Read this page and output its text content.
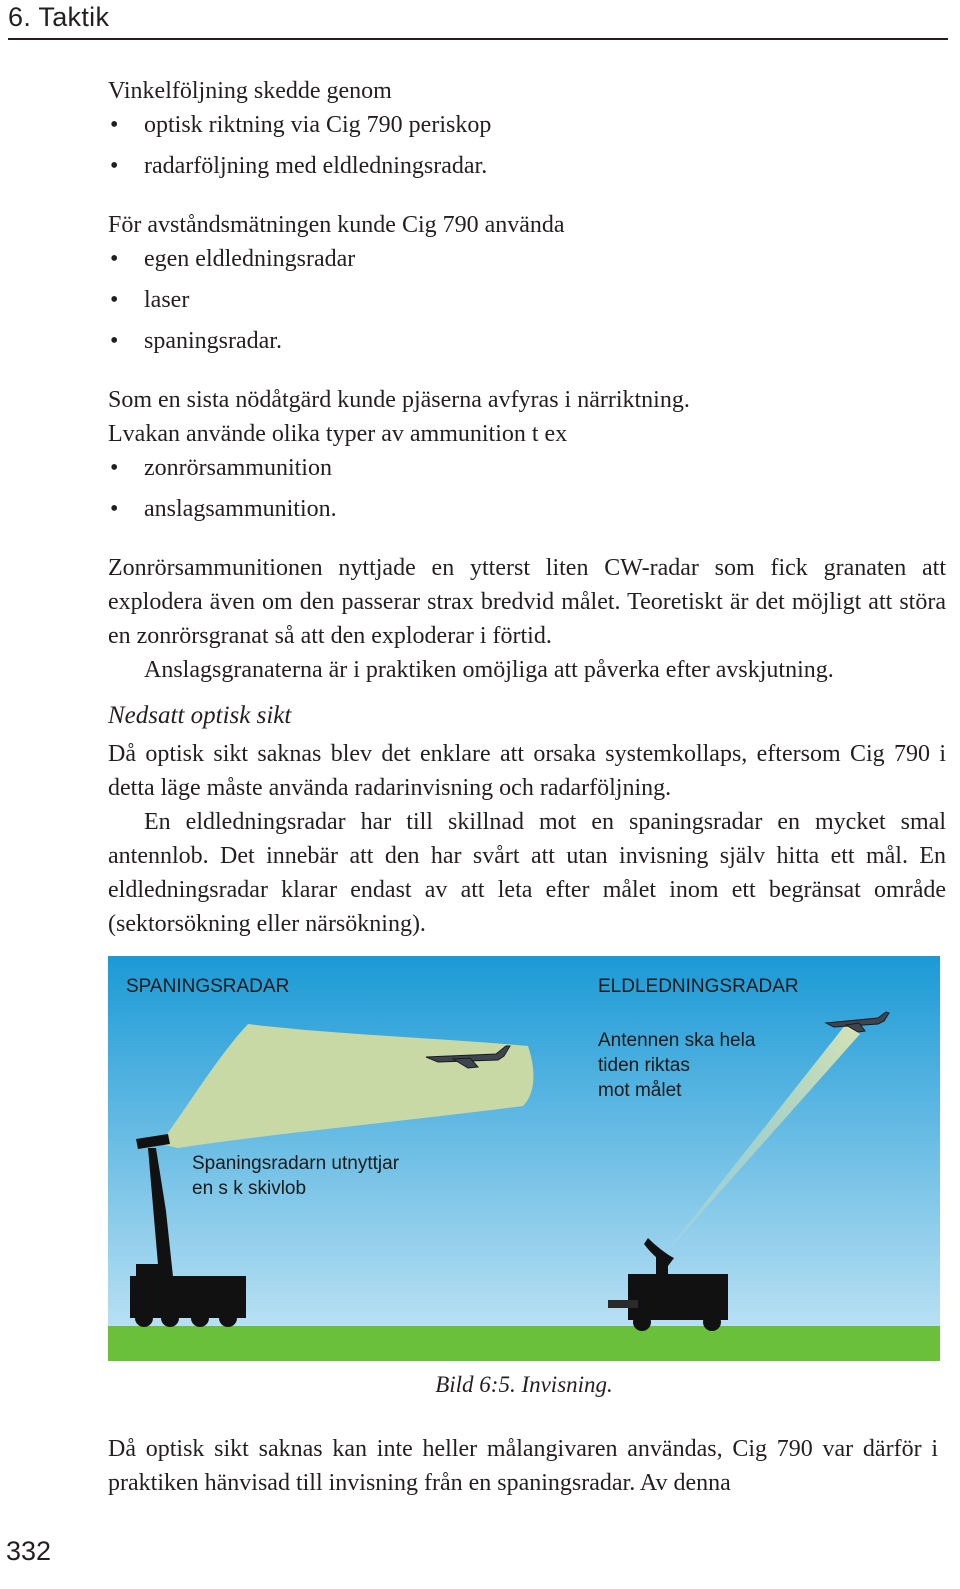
6. Taktik

Vinkelföljning skedde genom

• optisk riktning via Cig 790 periskop
• radarföljning med eldledningsradar.

För avståndsmätningen kunde Cig 790 använda

• egen eldledningsradar
• laser
• spaningsradar.

Som en sista nödåtgärd kunde pjäserna avfyras i närriktning.

Lvakan använde olika typer av ammunition t ex

• zonrörsammunition
• anslagsammunition.

Zonrörsammunitionen nyttjade en ytterst liten CW-radar som fick granaten att explodera även om den passerar strax bredvid målet. Teoretiskt är det möjligt att störa en zonrörsgranat så att den exploderar i förtid.

Anslagsgranaterna är i praktiken omöjliga att påverka efter avskjutning.

Nedsatt optisk sikt

Då optisk sikt saknas blev det enklare att orsaka systemkollaps, eftersom Cig 790 i detta läge måste använda radarinvisning och radarföljning.

En eldledningsradar har till skillnad mot en spaningsradar en mycket smal antennlob. Det innebär att den har svårt att utan invisning själv hitta ett mål. En eldledningsradar klarar endast av att leta efter målet inom ett begränsat område (sektorsökning eller närsökning).

SPANINGSRADAR	ELDLEDNINGSRADAR
Antennen ska hela
tiden riktas
mot målet
Spaningsradarn utnyttjar
en s k skivlob
Bild 6:5. Invisning.
Då optisk sikt saknas kan inte heller målangivaren användas, Cig 790 var därför i praktiken hänvisad till invisning från en spaningsradar. Av denna
332
